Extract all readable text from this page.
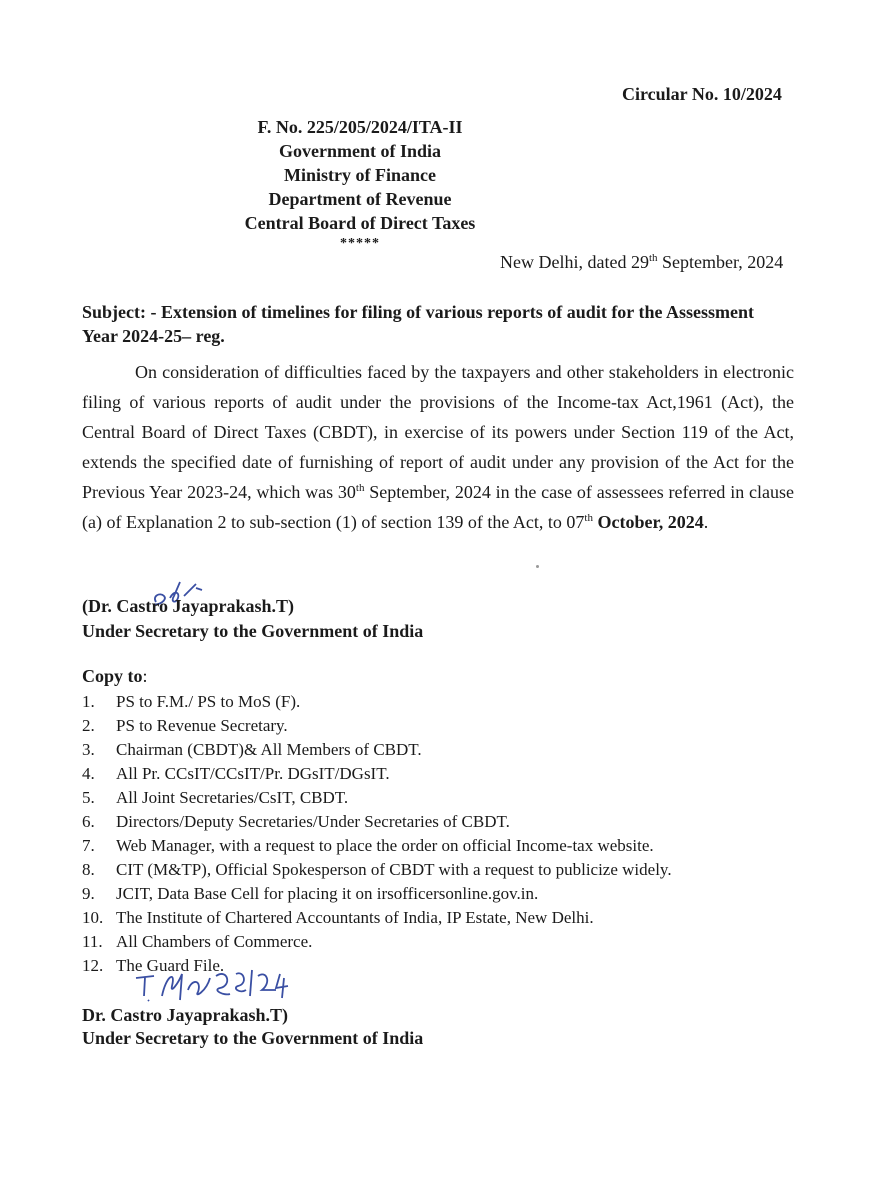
Circular No. 10/2024
F. No. 225/205/2024/ITA-II
Government of India
Ministry of Finance
Department of Revenue
Central Board of Direct Taxes
*****
New Delhi, dated 29th September, 2024
Subject: - Extension of timelines for filing of various reports of audit for the Assessment Year 2024-25– reg.
On consideration of difficulties faced by the taxpayers and other stakeholders in electronic filing of various reports of audit under the provisions of the Income-tax Act,1961 (Act), the Central Board of Direct Taxes (CBDT), in exercise of its powers under Section 119 of the Act, extends the specified date of furnishing of report of audit under any provision of the Act for the Previous Year 2023-24, which was 30th September, 2024 in the case of assessees referred in clause (a) of Explanation 2 to sub-section (1) of section 139 of the Act, to 07th October, 2024.
(Dr. Castro Jayaprakash.T)
Under Secretary to the Government of India
Copy to:
1. PS to F.M./ PS to MoS (F).
2. PS to Revenue Secretary.
3. Chairman (CBDT)& All Members of CBDT.
4. All Pr. CCsIT/CCsIT/Pr. DGsIT/DGsIT.
5. All Joint Secretaries/CsIT, CBDT.
6. Directors/Deputy Secretaries/Under Secretaries of CBDT.
7. Web Manager, with a request to place the order on official Income-tax website.
8. CIT (M&TP), Official Spokesperson of CBDT with a request to publicize widely.
9. JCIT, Data Base Cell for placing it on irsofficersonline.gov.in.
10. The Institute of Chartered Accountants of India, IP Estate, New Delhi.
11. All Chambers of Commerce.
12. The Guard File.
Dr. Castro Jayaprakash.T)
Under Secretary to the Government of India
